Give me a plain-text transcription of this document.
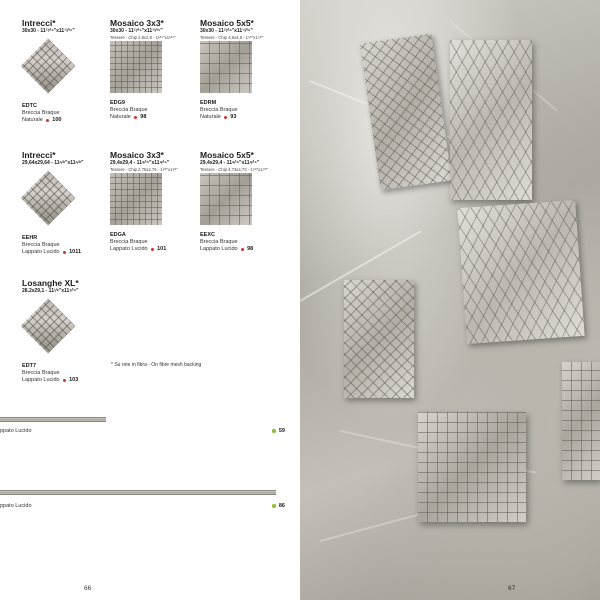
Intrecci*
30x30 - 11¹³⁄¹⁶"x11¹³⁄¹⁶"
EDTC
Breccia Braque
Naturale 100
Mosaico 3x3*
30x30 - 11¹³⁄¹⁶"x11¹³⁄¹⁶"
Tessere - Chip 2,8x2,8 - 1¹⁄¹⁶"x1¹⁄¹⁶"
EDG9
Breccia Braque
Naturale 98
Mosaico 5x5*
30x30 - 11¹³⁄¹⁶"x11¹³⁄¹⁶"
Tessere - Chip 4,8x4,8 - 1⁷⁄⁸"x1⁷⁄⁸"
EDRM
Breccia Braque
Naturale 93
Intrecci*
29,64x29,64 - 11⁵⁄⁸"x11⁵⁄⁸"
EEHR
Breccia Braque
Lappato Lucido 1011
Mosaico 3x3*
29,4x29,4 - 11⁹⁄¹⁶"x11⁹⁄¹⁶"
Tessere - Chip 2,76x2,76 - 1¹⁄⁸"x1¹⁄⁸"
EDGA
Breccia Braque
Lappato Lucido 101
Mosaico 5x5*
29,4x29,4 - 11⁹⁄¹⁶"x11⁹⁄¹⁶"
Tessere - Chip 4,73x4,73 - 1⁷⁄⁸"x1⁷⁄⁸"
EEXC
Breccia Braque
Lappato Lucido 98
Losanghe XL*
28,2x29,1 - 11¹⁄⁸"x11⁷⁄¹⁶"
EDT7
Breccia Braque
Lappato Lucido 103
* Su rete in fibra - On fibre mesh backing
ppato Lucido	59
ppato Lucido	86
66	67
